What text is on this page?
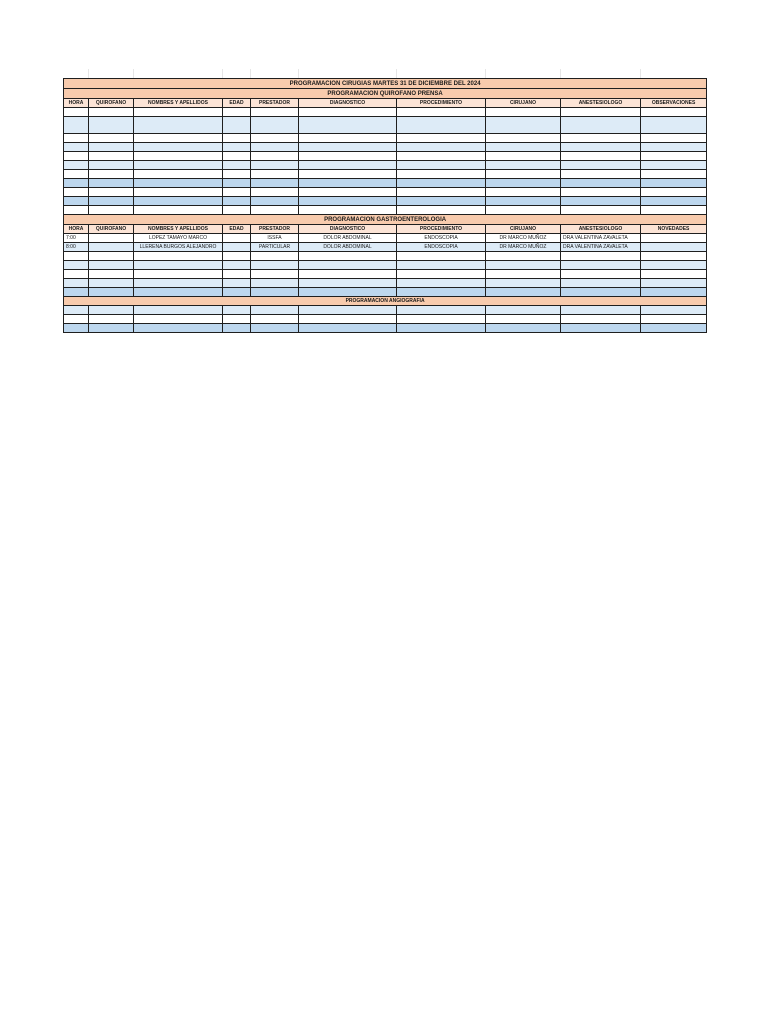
PROGRAMACION CIRUGIAS MARTES 31 DE DICIEMBRE DEL 2024									
PROGRAMACION QUIROFANO PRENSA									
HORA	QUIROFANO	NOMBRES Y APELLIDOS	EDAD	PRESTADOR	DIAGNOSTICO	PROCEDIMIENTO	CIRUJANO	ANESTESIOLOGO	OBSERVACIONES

PROGRAMACION GASTROENTEROLOGIA									
HORA	QUIROFANO	NOMBRES Y APELLIDOS	EDAD	PRESTADOR	DIAGNOSTICO	PROCEDIMIENTO	CIRUJANO	ANESTESIOLOGO	NOVEDADES
7:00		LOPEZ TAMAYO MARCO		ISSFA	DOLOR ABDOMINAL	ENDOSCOPIA	DR MARCO MUÑOZ	DRA VALENTINA ZAVALETA	
8:00		LLERENA BURGOS ALEJANDRO		PARTICULAR	DOLOR ABDOMINAL	ENDOSCOPIA	DR MARCO MUÑOZ	DRA VALENTINA ZAVALETA	

PROGRAMACION ANGIOGRAFIA									
